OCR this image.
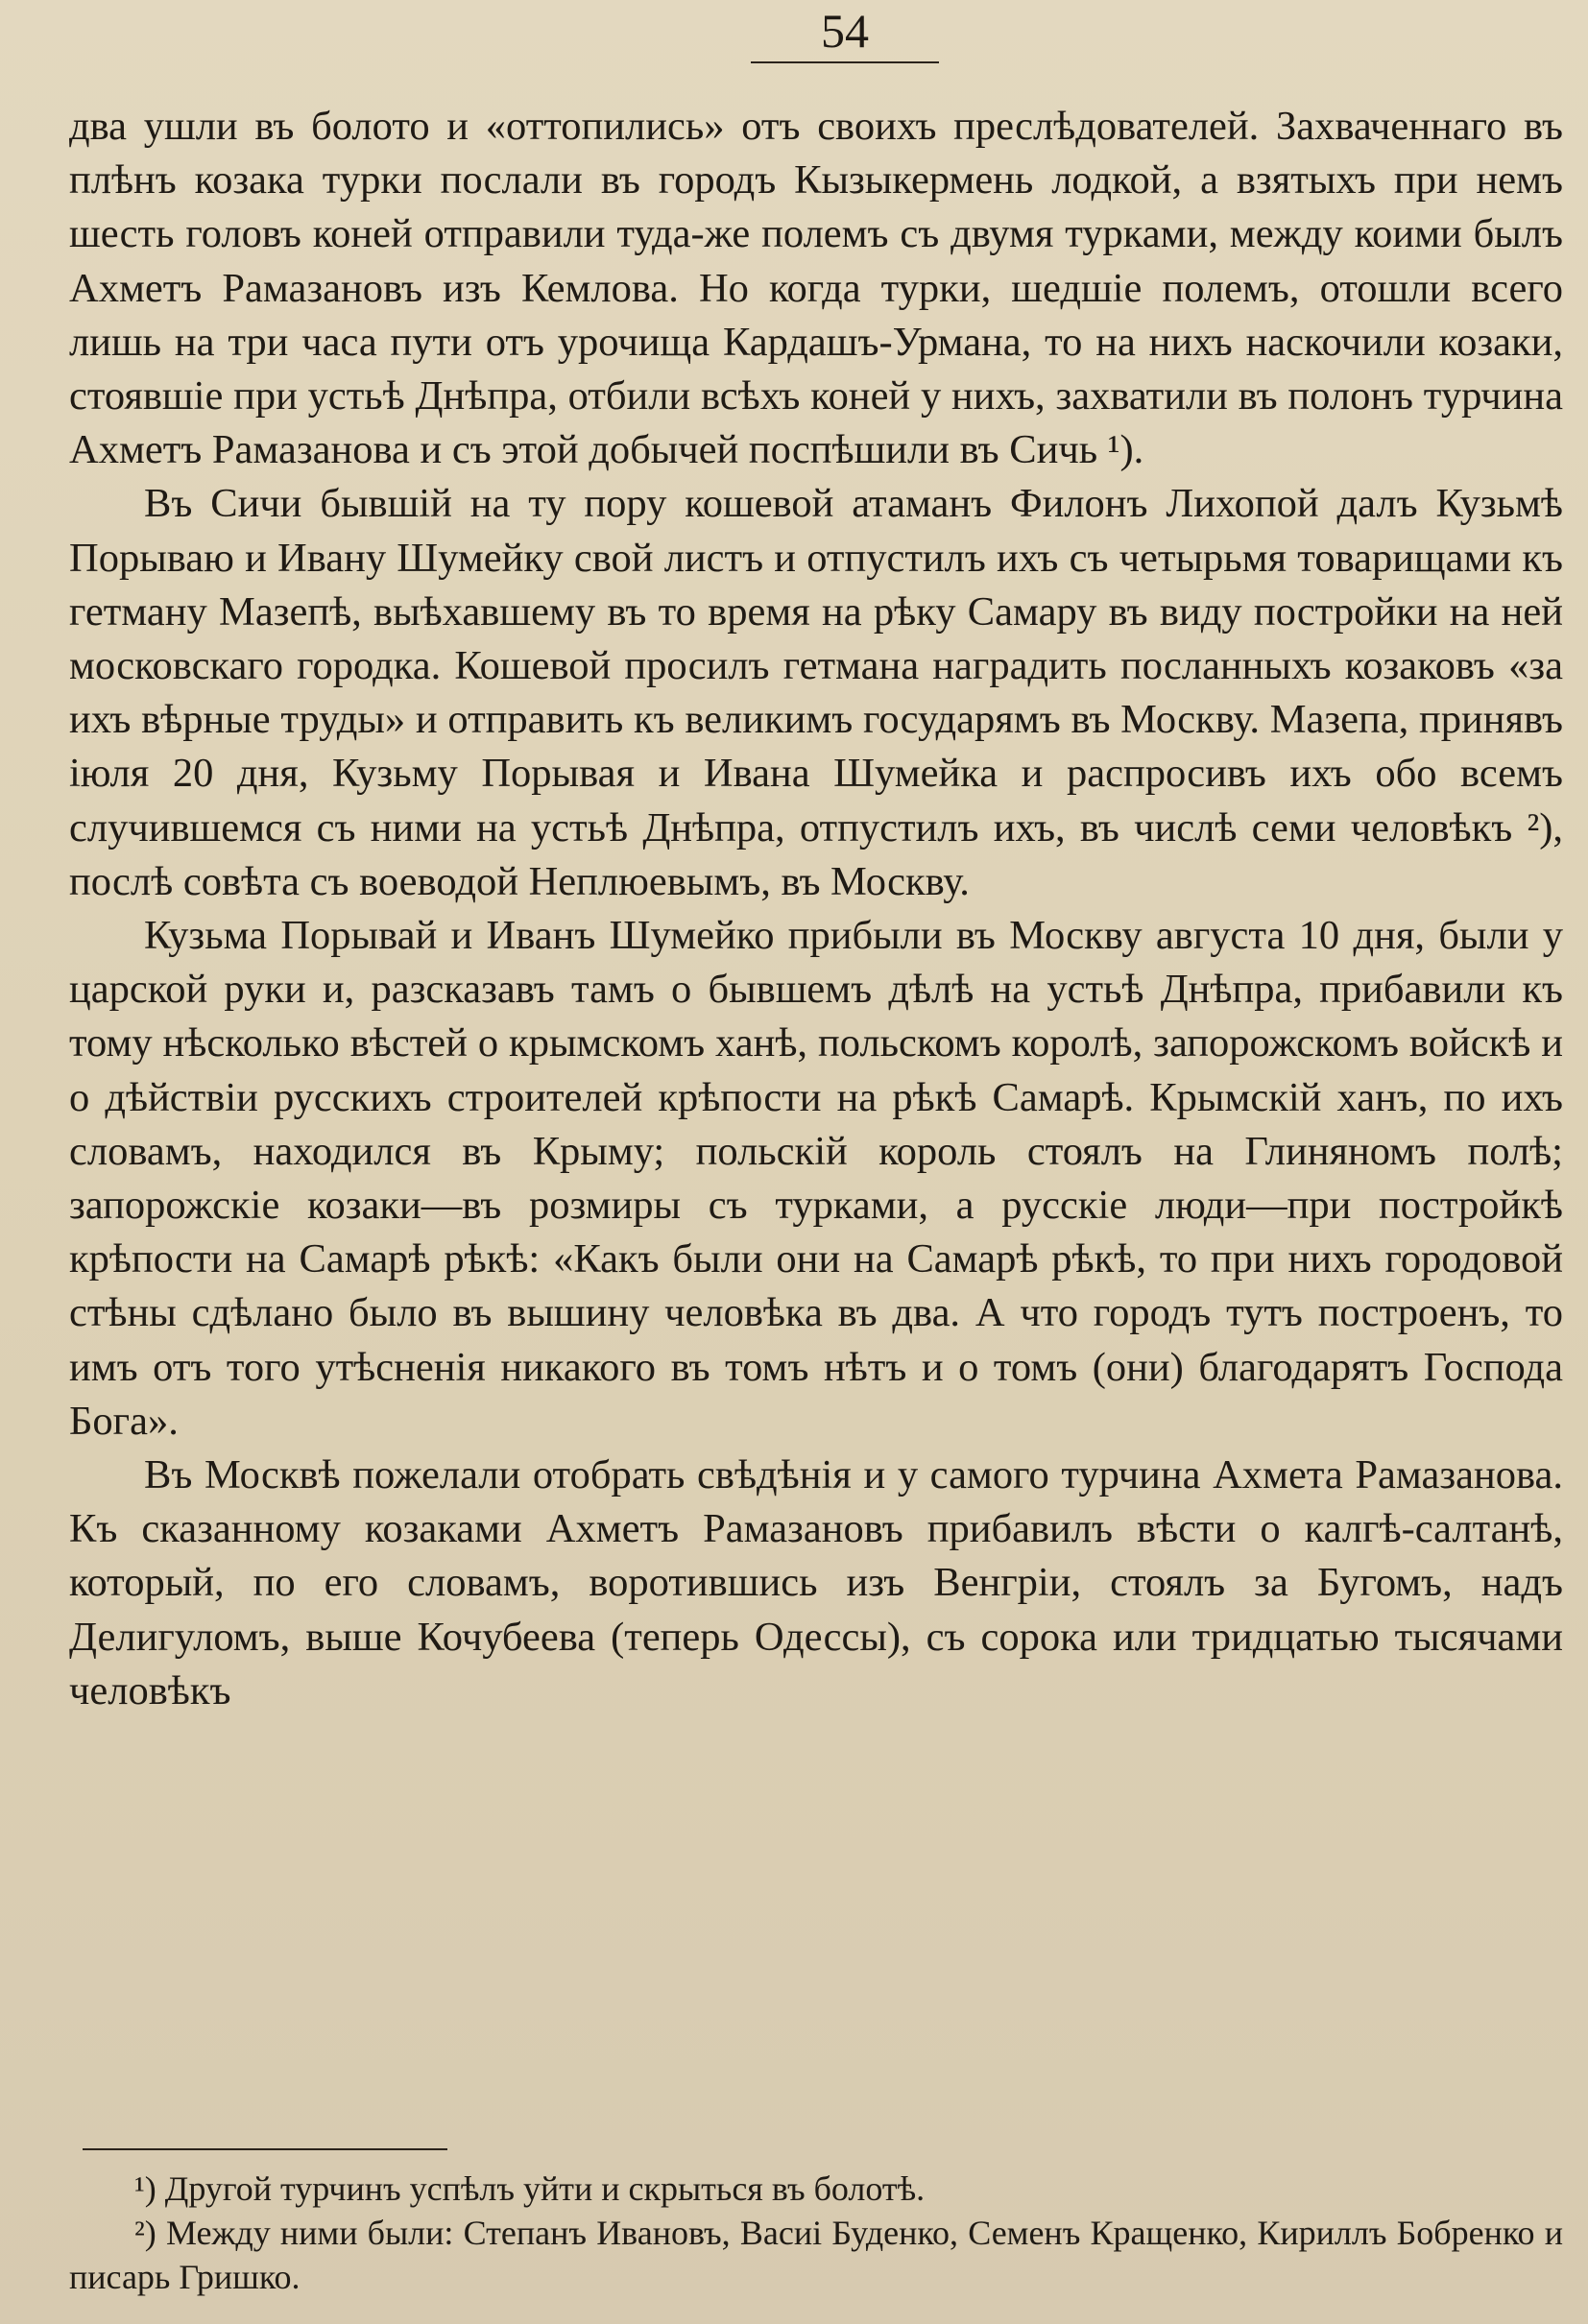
54

два ушли въ болото и «оттопились» отъ своихъ преслѣдователей. Захваченнаго въ плѣнъ козака турки послали въ городъ Кызыкермень лодкой, а взятыхъ при немъ шесть головъ коней отправили туда-же полемъ съ двумя турками, между коими былъ Ахметъ Рамазановъ изъ Кемлова. Но когда турки, шедшіе полемъ, отошли всего лишь на три часа пути отъ урочища Кардашъ-Урмана, то на нихъ наскочили козаки, стоявшіе при устьѣ Днѣпра, отбили всѣхъ коней у нихъ, захватили въ полонъ турчина Ахметъ Рамазанова и съ этой добычей поспѣшили въ Сичь ¹).

Въ Сичи бывшій на ту пору кошевой атаманъ Филонъ Лихопой далъ Кузьмѣ Порываю и Ивану Шумейку свой листъ и отпустилъ ихъ съ четырьмя товарищами къ гетману Мазепѣ, выѣхавшему въ то время на рѣку Самару въ виду постройки на ней московскаго городка. Кошевой просилъ гетмана наградить посланныхъ козаковъ «за ихъ вѣрные труды» и отправить къ великимъ государямъ въ Москву. Мазепа, принявъ іюля 20 дня, Кузьму Порывая и Ивана Шумейка и распросивъ ихъ обо всемъ случившемся съ ними на устьѣ Днѣпра, отпустилъ ихъ, въ числѣ семи человѣкъ ²), послѣ совѣта съ воеводой Неплюевымъ, въ Москву.

Кузьма Порывай и Иванъ Шумейко прибыли въ Москву августа 10 дня, были у царской руки и, разсказавъ тамъ о бывшемъ дѣлѣ на устьѣ Днѣпра, прибавили къ тому нѣсколько вѣстей о крымскомъ ханѣ, польскомъ королѣ, запорожскомъ войскѣ и о дѣйствіи русскихъ строителей крѣпости на рѣкѣ Самарѣ. Крымскій ханъ, по ихъ словамъ, находился въ Крыму; польскій король стоялъ на Глиняномъ полѣ; запорожскіе козаки—въ розмиры съ турками, а русскіе люди—при постройкѣ крѣпости на Самарѣ рѣкѣ: «Какъ были они на Самарѣ рѣкѣ, то при нихъ городовой стѣны сдѣлано было въ вышину человѣка въ два. А что городъ тутъ построенъ, то имъ отъ того утѣсненія никакого въ томъ нѣтъ и о томъ (они) благодарятъ Господа Бога».

Въ Москвѣ пожелали отобрать свѣдѣнія и у самого турчина Ахмета Рамазанова. Къ сказанному козаками Ахметъ Рамазановъ прибавилъ вѣсти о калгѣ-салтанѣ, который, по его словамъ, воротившись изъ Венгріи, стоялъ за Бугомъ, надъ Делигуломъ, выше Кочубеева (теперь Одессы), съ сорока или тридцатью тысячами человѣкъ

¹) Другой турчинъ успѣлъ уйти и скрыться въ болотѣ.

²) Между ними были: Степанъ Ивановъ, Васиі Буденко, Семенъ Кращенко, Кириллъ Бобренко и писарь Гришко.
